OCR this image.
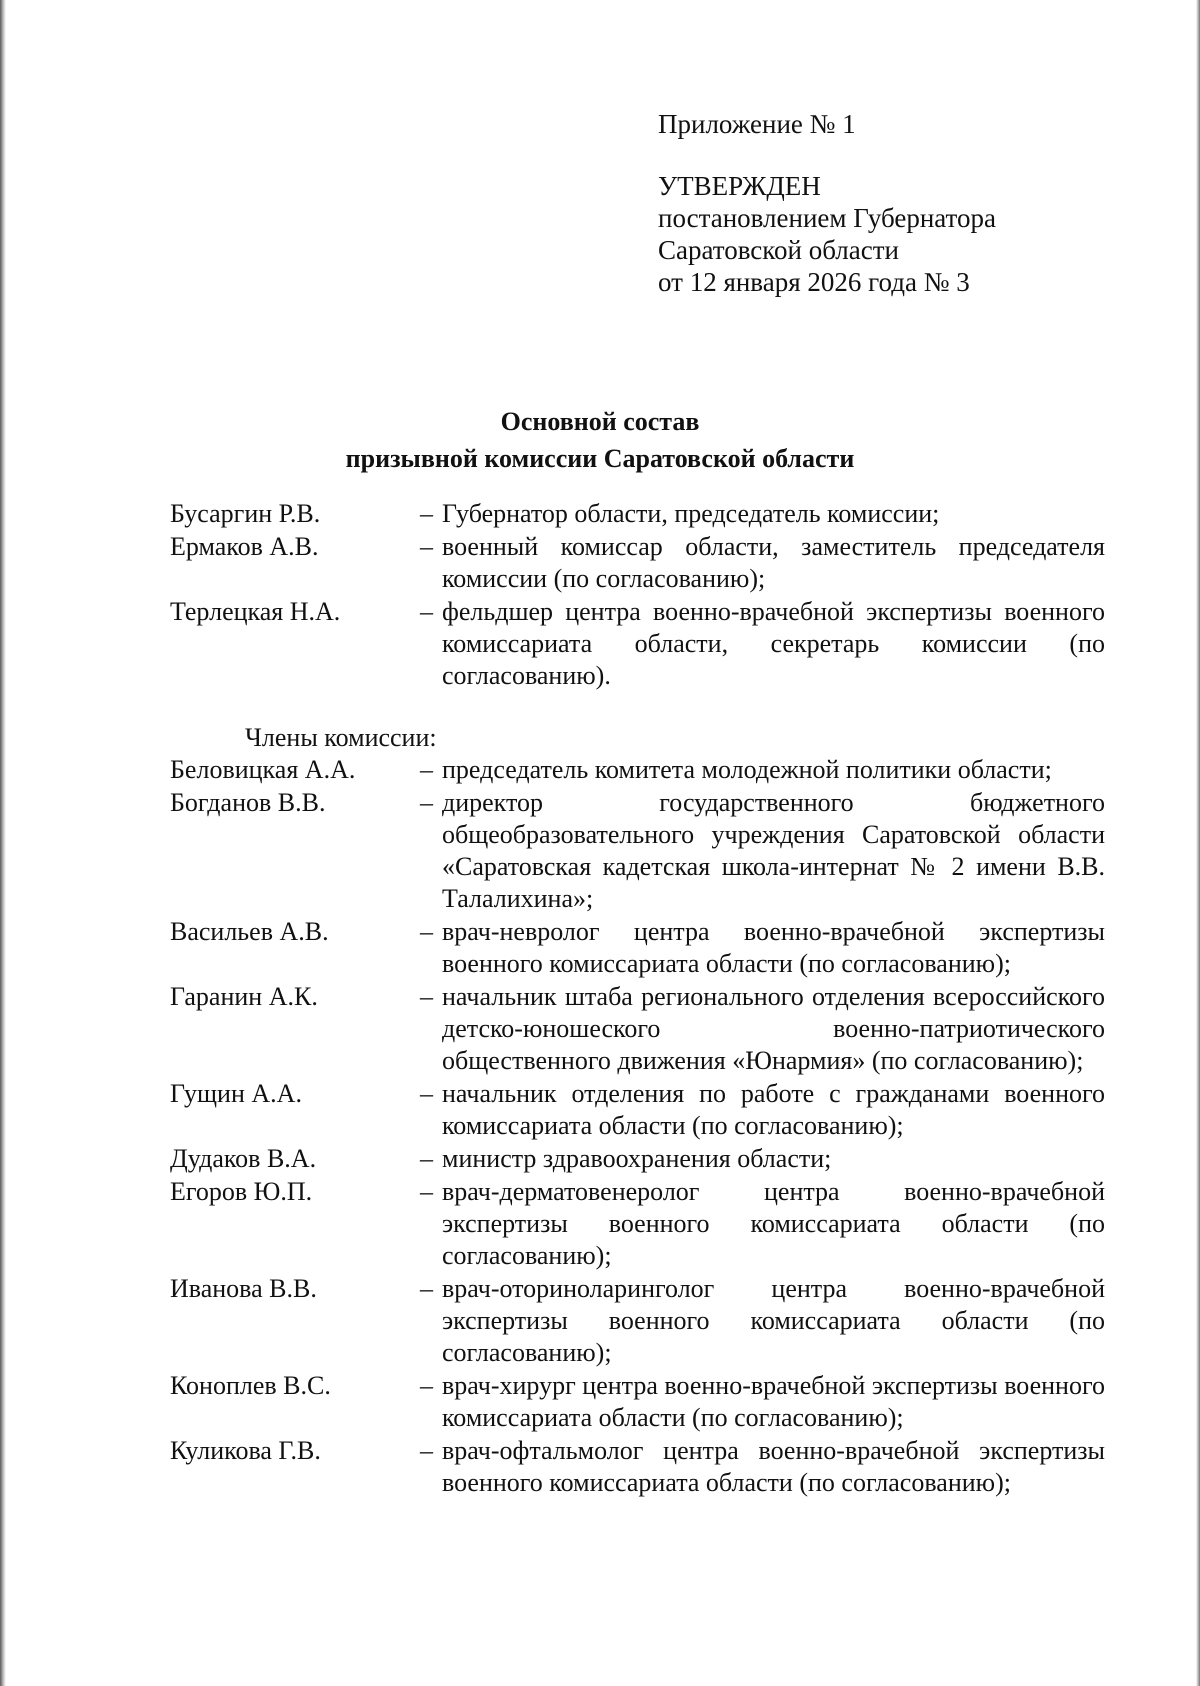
Приложение № 1
УТВЕРЖДЕН
постановлением Губернатора
Саратовской области
от 12 января 2026 года № 3
Основной состав
призывной комиссии Саратовской области
Бусаргин Р.В.	– Губернатор области, председатель комиссии;
Ермаков А.В.	– военный комиссар области, заместитель председателя комиссии (по согласованию);
Терлецкая Н.А.	– фельдшер центра военно-врачебной экспертизы военного комиссариата области, секретарь комиссии (по согласованию).
Члены комиссии:
Беловицкая А.А.	– председатель комитета молодежной политики области;
Богданов В.В.	– директор государственного бюджетного общеобразовательного учреждения Саратовской области «Саратовская кадетская школа-интернат № 2 имени В.В. Талалихина»;
Васильев А.В.	– врач-невролог центра военно-врачебной экспертизы военного комиссариата области (по согласованию);
Гаранин А.К.	– начальник штаба регионального отделения всероссийского детско-юношеского военно-патриотического общественного движения «Юнармия» (по согласованию);
Гущин А.А.	– начальник отделения по работе с гражданами военного комиссариата области (по согласованию);
Дудаков В.А.	– министр здравоохранения области;
Егоров Ю.П.	– врач-дерматовенеролог центра военно-врачебной экспертизы военного комиссариата области (по согласованию);
Иванова В.В.	– врач-оториноларинголог центра военно-врачебной экспертизы военного комиссариата области (по согласованию);
Коноплев В.С.	– врач-хирург центра военно-врачебной экспертизы военного комиссариата области (по согласованию);
Куликова Г.В.	– врач-офтальмолог центра военно-врачебной экспертизы военного комиссариата области (по согласованию);
